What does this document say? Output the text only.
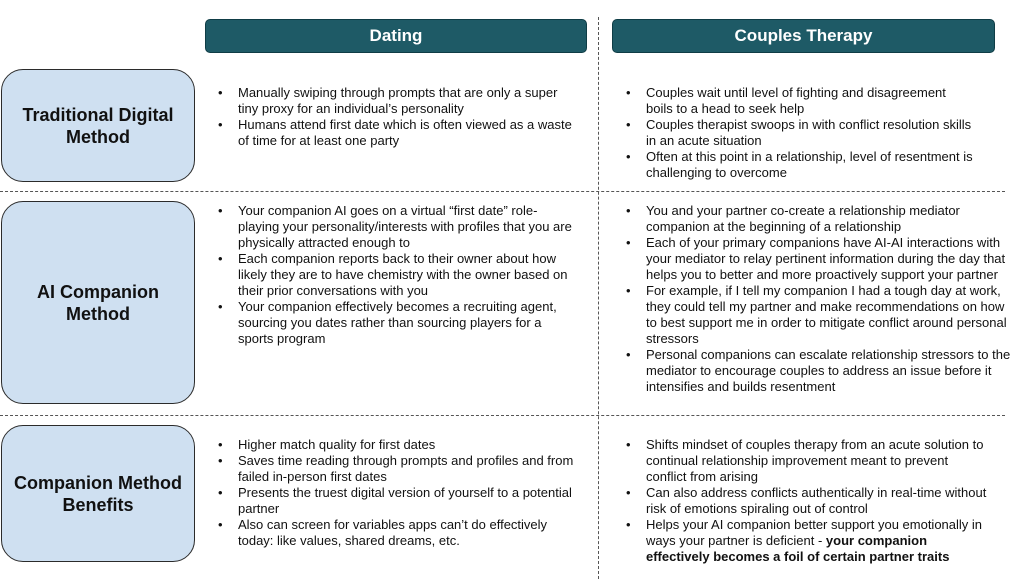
Dating	Couples Therapy
Traditional Digital Method
AI Companion Method
Companion Method Benefits
• Manually swiping through prompts that are only a super tiny proxy for an individual’s personality
• Humans attend first date which is often viewed as a waste of time for at least one party
• Couples wait until level of fighting and disagreement boils to a head to seek help
• Couples therapist swoops in with conflict resolution skills in an acute situation
• Often at this point in a relationship, level of resentment is challenging to overcome
• Your companion AI goes on a virtual “first date” role-playing your personality/interests with profiles that you are physically attracted enough to
• Each companion reports back to their owner about how likely they are to have chemistry with the owner based on their prior conversations with you
• Your companion effectively becomes a recruiting agent, sourcing you dates rather than sourcing players for a sports program
• You and your partner co-create a relationship mediator companion at the beginning of a relationship
• Each of your primary companions have AI-AI interactions with your mediator to relay pertinent information during the day that helps you to better and more proactively support your partner
• For example, if I tell my companion I had a tough day at work, they could tell my partner and make recommendations on how to best support me in order to mitigate conflict around personal stressors
• Personal companions can escalate relationship stressors to the mediator to encourage couples to address an issue before it intensifies and builds resentment
• Higher match quality for first dates
• Saves time reading through prompts and profiles and from failed in-person first dates
• Presents the truest digital version of yourself to a potential partner
• Also can screen for variables apps can’t do effectively today: like values, shared dreams, etc.
• Shifts mindset of couples therapy from an acute solution to continual relationship improvement meant to prevent conflict from arising
• Can also address conflicts authentically in real-time without risk of emotions spiraling out of control
• Helps your AI companion better support you emotionally in ways your partner is deficient - your companion effectively becomes a foil of certain partner traits
